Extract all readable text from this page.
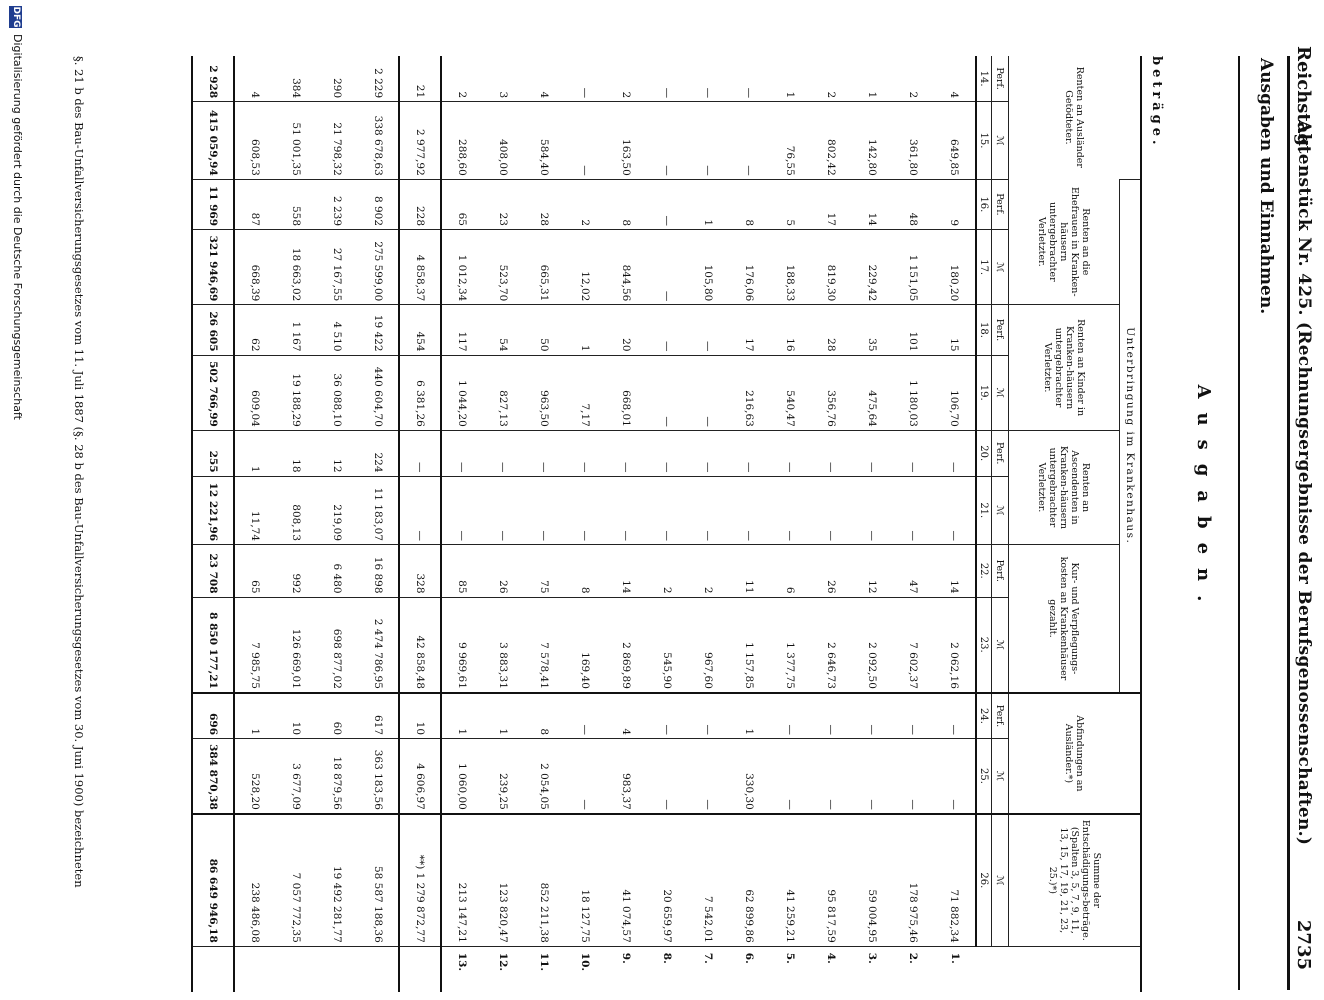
Reichstag.
Aktenstück Nr. 425. (Rechnungsergebnisse der Berufsgenossenschaften.)
2735
Ausgaben und Einnahmen.
Ausgaben.
beträge.
Renten an Ausländer Getödteter.		Unterbringung im Krankenhaus.								Abfindungen an Ausländer.*)		Summe der Entschädigungs-beträge. (Spalten 3, 5, 7, 9, 11, 13, 15, 17, 19, 21, 23, 25.)*)	
		Renten an die Ehefrauen in Kranken-häusern untergebrachter Verletzter.		Renten an Kinder in Kranken-häusern untergebrachter Verletzter.		Renten an Ascendenten in Kranken-häusern untergebrachter Verletzter.		Kur- und Verpflegungs-kosten an Krankenhäuser gezahlt.					
Perf.	ℳ	Perf.	ℳ	Perf.	ℳ	Perf.	ℳ	Perf.	ℳ	Perf.	ℳ	ℳ	
14.	15.	16.	17.	18.	19.	20.	21.	22.	23.	24.	25.	26.	
4	649,85	9	180,20	15	106,70	—	—	14	2 062,16	—	—	71 882,34	1.
2	361,80	48	1 151,05	101	1 180,03	—	—	47	7 602,37	—	—	178 975,46	2.
1	142,80	14	229,42	35	475,64	—	—	12	2 092,50	—	—	59 004,95	3.
2	802,42	17	819,30	28	356,76	—	—	26	2 646,73	—	—	95 817,59	4.
1	76,55	5	188,33	16	540,47	—	—	6	1 377,75	—	—	41 259,21	5.
—	—	8	176,06	17	216,63	—	—	11	1 157,85	1	330,30	62 899,86	6.
—	—	1	105,80	—	—	—	—	2	967,60	—	—	7 542,01	7.
—	—	—	—	—	—	—	—	2	545,90	—	—	20 659,97	8.
2	163,50	8	844,56	20	668,01	—	—	14	2 869,89	4	983,37	41 074,57	9.
—	—	2	12,02	1	7,17	—	—	8	169,40	—	—	18 127,75	10.
4	584,40	28	665,31	50	963,50	—	—	75	7 578,41	8	2 054,05	852 211,38	11.
3	408,00	23	523,70	54	827,13	—	—	26	3 883,31	1	239,25	123 820,47	12.
2	288,60	65	1 012,34	117	1 044,20	—	—	85	9 969,61	1	1 060,00	213 147,21	13.
21	2 977,92	228	4 858,37	454	6 381,26	—	—	328	42 858,48	10	4 606,97	**) 1 279 872,77	
2 229	338 678,63	8 902	275 599,00	19 422	440 604,70	224	11 183,07	16 898	2 474 786,95	617	363 183,56	58 587 188,36	
290	21 798,32	2 239	27 167,55	4 510	36 088,10	12	219,09	6 480	698 877,02	60	18 879,56	19 492 281,77	
384	51 001,35	558	18 663,02	1 167	19 188,29	18	808,13	992	126 669,01	10	3 677,09	7 057 772,35	
4	608,53	87	668,39	62	609,04	1	11,74	65	7 985,75	1	528,20	238 486,08	
2 928	415 059,94	11 969	321 946,69	26 605	502 766,99	255	12 221,96	23 708	8 850 177,21	696	384 870,38	86 649 946,18	
§. 21 b des Bau-Unfallversicherungsgesetzes vom 11. Juli 1887 (§. 28 b des Bau-Unfallversicherungsgesetzes vom 30. Juni 1900) bezeichneten
DFGDigitalisierung gefördert durch die Deutsche Forschungsgemeinschaft
